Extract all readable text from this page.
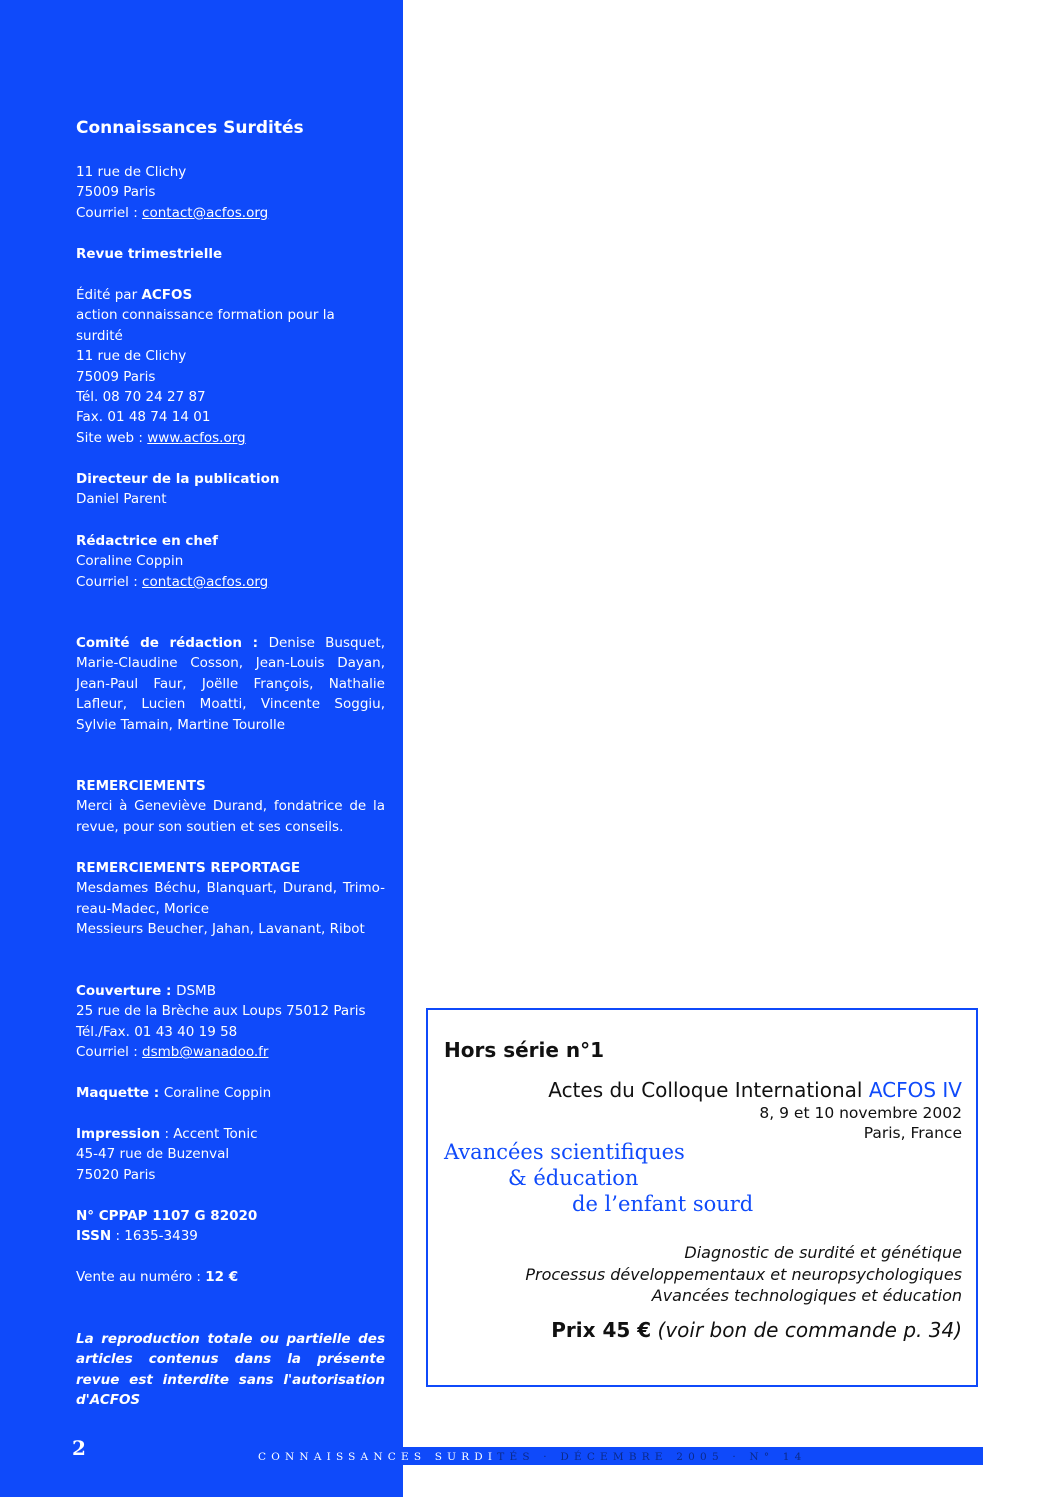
Connaissances Surdités

11 rue de Clichy

75009 Paris

Courriel : contact@acfos.org

Revue trimestrielle

Édité par ACFOS

action connaissance formation pour la surdité

11 rue de Clichy

75009 Paris

Tél. 08 70 24 27 87

Fax. 01 48 74 14 01

Site web : www.acfos.org

Directeur de la publication

Daniel Parent

Rédactrice en chef

Coraline Coppin

Courriel : contact@acfos.org

Comité de rédaction : Denise Busquet, Marie-Claudine Cosson, Jean-Louis Dayan, Jean-Paul Faur, Joëlle François, Nathalie Lafleur, Lucien Moatti, Vincente Soggiu, Sylvie Tamain, Martine Tourolle

REMERCIEMENTS

Merci à Geneviève Durand, fondatrice de la revue, pour son soutien et ses conseils.

REMERCIEMENTS REPORTAGE

Mesdames Béchu, Blanquart, Durand, Trimo-reau-Madec, Morice

Messieurs Beucher, Jahan, Lavanant, Ribot

Couverture : DSMB

25 rue de la Brèche aux Loups 75012 Paris

Tél./Fax. 01 43 40 19 58

Courriel : dsmb@wanadoo.fr

Maquette : Coraline Coppin

Impression : Accent Tonic

45-47 rue de Buzenval

75020 Paris

N° CPPAP 1107 G 82020

ISSN : 1635-3439

Vente au numéro : 12 €

La reproduction totale ou partielle des articles contenus dans la présente revue est interdite sans l'autorisation d'ACFOS

2	CONNAISSANCES SURDITÉS · DÉCEMBRE 2005 · N° 14
Hors série n°1
Actes du Colloque International ACFOS IV
8, 9 et 10 novembre 2002
Paris, France
Avancées scientifiques
& éducation
de l’enfant sourd
Diagnostic de surdité et génétique
Processus développementaux et neuropsychologiques
Avancées technologiques et éducation
Prix 45 € (voir bon de commande p. 34)
